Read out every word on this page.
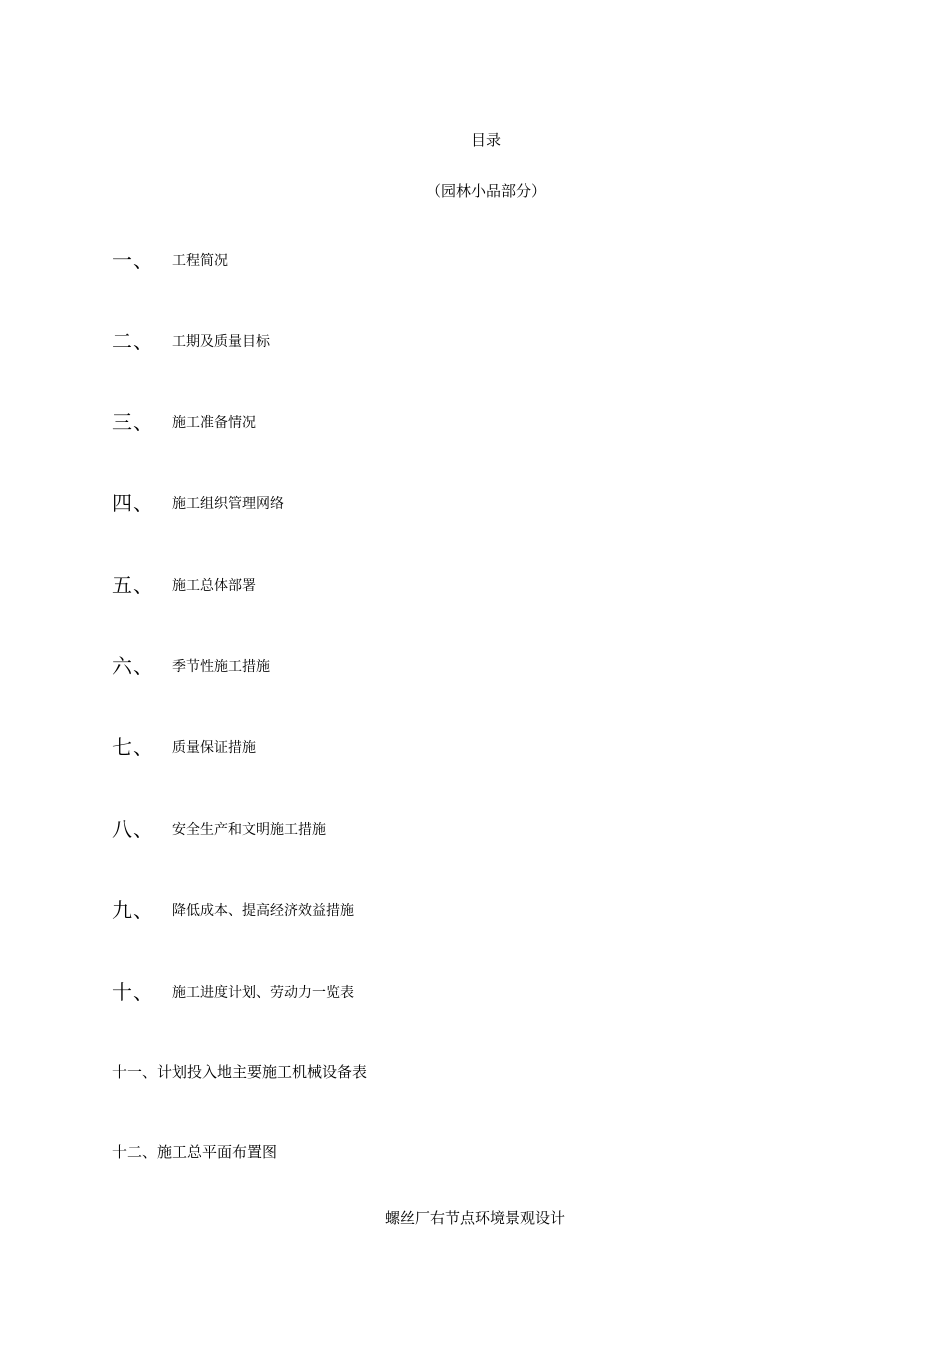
目录
（园林小品部分）
一、 工程简况
二、 工期及质量目标
三、 施工准备情况
四、 施工组织管理网络
五、 施工总体部署
六、 季节性施工措施
七、 质量保证措施
八、 安全生产和文明施工措施
九、 降低成本、提高经济效益措施
十、 施工进度计划、劳动力一览表
十一、计划投入地主要施工机械设备表
十二、施工总平面布置图
螺丝厂右节点环境景观设计
